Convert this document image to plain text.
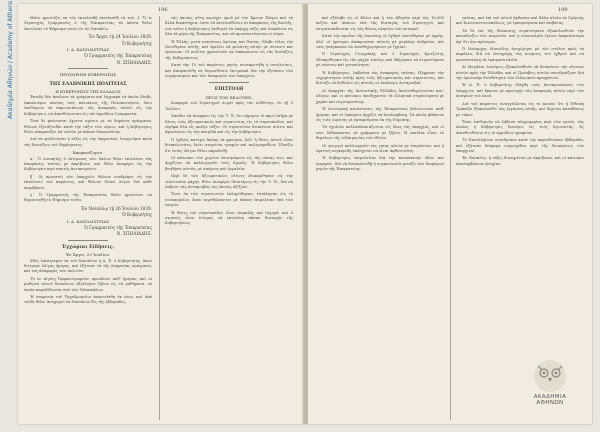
Ακαδημία Αθηνών / Academy of Athens	196

Θέλει φροντίζει να τὸν ἐκτελεσθῇ ἐκτελεσθῆ τὰ τοῦ. 3. Ὅ τε Στρατηγὸς Γραμματεὺς ὁ τῆς Ἐπικρατείας τὰ πάντα θέλει ἐκτελέσει τὸ Ψήφισμα τοῦτο ἐν τῷ Ναυπλίῳ.

Ἐν Ἄργει τῇ 24 Ἰουλίου 1829.
Ὁ Κυβερνήτης
Ι. Α. ΚΑΠΟΔΙΣΤΡΙΑΣ
Ὁ Γραμματεὺς τῆς Ἐπικρατείας
Ν. ΣΠΗΛΙΑΔΗΣ.
ΠΡΟΣΩΡΙΝΗ ΚΥΒΕΡΝΗΣΙΣ
ΤΗΣ ΕΛΛΗΝΙΚΗΣ ΠΟΛΙΤΕΙΑΣ
Η ΚΥΒΕΡΝΗΣΙΣ ΤΗΣ ΕΛΛΑΔΟΣ

Ἐπειδὴ δὲν ἀπέλυσε τὰ γράμματα καὶ ἔγγραφα τὰ ὁποῖα ἔλαβε, ἐκκαλοῦμεν πάντας τοὺς κατοίκους τῆς Πελοποννήσου, ὅσοι ἐπεθύμουν νὰ παρουσιάσωσι τὰς ἀναφορὰς αὐτῶν εἰς τὴν Κυβέρνησιν, νὰ ἀπευθύνωνται εἰς τὸν ἁρμόδιον Γραμματέα.

Ὅσα δὲ φαίνονται ἔχοντα σχέσιν μὲ τὰ δημόσια πράγματα, θέλουν ἐξετάζεσθαι κατὰ τὴν τάξιν τῶν νόμων, καὶ ἡ Κυβέρνησις θέλει ἀποφασίζει ἐπ' αὐτῶν μὲ πᾶσαν δικαιοσύνην.

Διὰ νὰ φυλάττηται ἡ τάξις εἰς τὴν ὑπηρεσίαν, ἐνεργοῦμεν κατὰ τὰς διατάξεις τοῦ Ψηφίσματος.

Ἀποφασίζομεν.

α΄. Ὁ Διοικητὴς ὁ ἐπίτροπος τῶν ὅπλων θέλει ἐκτελέσει τὰς ἀποφάσεις ταύτας μὲ ἀκρίβειαν, καὶ θέλει ἀναφέρει εἰς τὴν Κυβέρνησιν περὶ παντὸς ἀντικειμένου.

β΄. Οἱ προεστοὶ τῶν ἐπαρχιῶν θέλουν συνδράμει εἰς τὴν ἐκτέλεσιν τοῦ παρόντος, καὶ θέλουν δώσει λόγον διὰ κάθε παράβασιν.

γ΄. Ὁ Γραμματεὺς τῆς Ἐπικρατείας θέλει φροντίσει νὰ δημοσιευθῇ τὸ Ψήφισμα τοῦτο.

Ἐν Ναυπλίῳ τῇ 26 Ἰουλίου 1829.
Ὁ Κυβερνήτης
Ι. Α. ΚΑΠΟΔΙΣΤΡΙΑΣ
Ὁ Γραμματεὺς τῆς Ἐπικρατείας
Ν. ΣΠΗΛΙΑΔΗΣ.
Ἐγχώριαι Εἰδήσεις.
Ἐν Ἄργει, 29 Ἰουλίου.

Χθὲς ἐπέστρεψεν ἐκ τοῦ Ναυπλίου ἡ Α. Ἐ. ὁ Κυβερνήτης, ὅπου διέτριψε ὀλίγας ἡμέρας, καὶ ἐξήτασε τὰ τῆς ὑπηρεσίας πράγματα, καὶ τὰς ἀναφορὰς τῶν πολιτῶν.

Τὸ ἐν Αἰγίνῃ Ὀρφανοτροφεῖον προοδεύει καθ' ἡμέραν, καὶ οἱ μαθηταὶ αὐτοῦ δεικνύουν ἀξιόλογον ζῆλον εἰς τὰ μαθήματα, τὰ ὁποῖα παραδίδονται ὑπὸ τῶν διδασκάλων.

Ἡ ὑπηρεσία τοῦ Ταχυδρομείου ἐκανονίσθη ἐκ νέου, καὶ ἀπὸ τοῦδε θέλει ἀναχωρεῖ ἐκ Ναυπλίου δὶς τῆς ἑβδομάδος.

τὰς ὁποίας αὕτη περιέχει ὁμοῦ μὲ τὸν Ἄρειον Πάγον καὶ τὰ ἄλλα δικαστήρια, ὥστε νὰ ἐκτελεσθῶσιν αἱ ἀποφάσεις τῆς Βουλῆς. Διὰ τοῦτο ἡ Κυβέρνησις ἐπιθυμεῖ νὰ ὑπάρχῃ τάξις καὶ ἀσφάλεια εἰς ὅλα τὰ μέρη τῆς Ἐπικρατείας, καὶ νὰ προστατεύωνται οἱ νόμοι.

Ἡ Ἑλλὰς, μετὰ τοσούτους ἀγῶνας καὶ θυσίας, ἔλαβε τέλος τὴν ἐλευθερίαν αὐτῆς, καὶ ὀφείλει νὰ φυλάττῃ αὐτὴν μὲ σύνεσιν καὶ ὁμόνοιαν. Οἱ πολῖται χρεωστοῦν νὰ ὑπακούωσιν εἰς τὰς διατάξεις τῆς Κυβερνήσεως.

Κατὰ τὴν 15 τοῦ παρόντος μηνὸς συνεκροτήθη ἡ συνέλευσις, καὶ ἀπεφασίσθη νὰ διορισθῶσιν ἐπιτροπαὶ διὰ τὴν ἐξέτασιν τῶν λογαριασμῶν καὶ τῶν ἀναφορῶν τῶν ἐπαρχιῶν.

ΕΠΙΣΤΟΛΗ
ΠΡΟΣ ΤΟΝ ΕΚΔΟΤΗΝ.

Ἀναφορὰ τοῦ Στρατηγοῦ Δωρεῖ πρὸς τὸν Αὐθέντην, ἐν τῇ 5 Ἰουλίου.

Σπεύδω νὰ ἀναφέρω εἰς τὴν Ὑ. Ἐ. ὅτι σήμερον τὸ πρωΐ ἐπῆγα μὲ ὅλους τοὺς ἀξιωματικοὺς καὶ στρατιώτας εἰς τὸ στρατόπεδον, καὶ εὑρῆκα ὅλα εἰς καλὴν τάξιν. Οἱ στρατιῶται δεικνύουν πίστιν καὶ ἀφοσίωσιν εἰς τὴν πατρίδα καὶ εἰς τὴν Κυβέρνησιν.

Ὁ ἐχθρὸς κατέχει ἀκόμη τὰ φρούρια, ἀλλ' ἡ θέσις αὐτοῦ εἶναι δυσκολωτάτη, διότι στερεῖται τροφῶν καὶ πολεμοφοδίων. Ἐλπίζω ὅτι ἐντὸς ὀλίγου θέλει παραδοθῇ.

Οἱ κάτοικοι τῶν χωρίων ἐπιστρέφουν εἰς τὰς οἰκίας των, καὶ ἀρχίζουν νὰ καλλιεργοῦν τοὺς ἀγρούς. Ἡ Κυβέρνησις θέλει βοηθήσει αὐτοὺς μὲ σπόρους καὶ ἐργαλεῖα.

Περὶ δὲ τῶν ἀξιωματικῶν, οἵτινες ἐδιακρίθησαν εἰς τὴν τελευταίαν μάχην, θέλω ἀναφέρει ἰδιαιτέρως εἰς τὴν Ὑ. Ἐ., διὰ νὰ λάβωσι τὰς ἀνταμοιβὰς τὰς ὁποίας ἀξίζουν.

Ὅσοι ἐκ τῶν στρατιωτῶν ἐπληγώθησαν, ἐστάλησαν εἰς τὸ νοσοκομεῖον, ὅπου περιθάλπονται μὲ πᾶσαν ἐπιμέλειαν ὑπὸ τῶν ἰατρῶν.

Ἡ θέσις τοῦ στρατοπέδου εἶναι ἀσφαλὴς καὶ ἰσχυρά, καὶ ὁ στρατὸς εἶναι ἕτοιμος νὰ ἐκτελέσῃ πᾶσαν διαταγὴν τῆς Κυβερνήσεως.

199

καὶ ἐξέλαβε ὡς οἱ ἄλλοι καὶ ἡ τῶν Ἀθηνῶν περὶ τὰς 10,000 πεζῶν καὶ ἱππέων, ὑπὸ τὰς διαταγὰς τοῦ Στρατηγοῦ, καὶ ἐστρατοπέδευσαν εἰς τὰς θέσεις πλησίον τοῦ ποταμοῦ.

Κατὰ τὴν πρωΐαν τῆς ἐπιούσης οἱ ἐχθροὶ ἐπετέθησαν μὲ ὁρμήν, ἀλλ' οἱ ἡμέτεροι ἀπέκρουσαν αὐτοὺς μὲ μεγάλην ἀνδρείαν, καὶ τοὺς ἠνάγκασαν νὰ ὀπισθοχωρήσωσι μὲ ζημίαν.

Ὁ Στρατηγὸς Γεωργάκης καὶ ὁ Στρατηγὸς Κριεζώτης ἐδιακρίθησαν εἰς τὴν μάχην ταύτην, καὶ ὁδήγησαν τὰ στρατεύματα μὲ σύνεσιν καὶ γενναιότητα.

Ἡ Κυβέρνησις, λαβοῦσα τὰς ἀναφορὰς ταύτας, ἐξέφρασε τὴν εὐχαρίστησιν αὐτῆς πρὸς τοὺς ἀξιωματικοὺς καὶ στρατιώτας, καὶ διέταξε νὰ δοθῶσιν εἰς αὐτοὺς αἱ ἀνάλογοι ἀνταμοιβαί.

Αἱ ἐπαρχίαι τῆς Ἀνατολικῆς Ἑλλάδος ἀπελευθερώνονται κατ' ὀλίγον, καὶ οἱ κάτοικοι ὑποδέχονται τὰ ἑλληνικὰ στρατεύματα μὲ χαρὰν καὶ εὐγνωμοσύνην.

Ἡ ἐσωτερικὴ κατάστασις τῆς Ἐπικρατείας βελτιώνεται καθ' ἡμέραν, καὶ τὸ ἐμπόριον ἀρχίζει νὰ ἀναλαμβάνῃ. Τὰ πλοῖα φθάνουν εἰς τοὺς λιμένας μὲ ἐμπορεύματα ἐκ τῆς Εὐρώπης.

Τὰ σχολεῖα πολλαπλασιάζονται εἰς ὅλας τὰς ἐπαρχίας, καὶ οἱ νέοι διδάσκονται τὰ γράμματα μὲ ζῆλον. Ἡ παιδεία εἶναι τὸ θεμέλιον τῆς εὐδαιμονίας τῶν ἐθνῶν.

Οἱ γεωργοὶ καλλιεργοῦν τὰς γαίας αὐτῶν μὲ ἐπιμέλειαν, καὶ ἡ ἐφετινὴ συγκομιδὴ ὑπόσχεται νὰ εἶναι ἀφθονωτάτη.

Ἡ Κυβέρνησις ἐπιμελεῖται διὰ τὴν κατασκευὴν ὁδῶν καὶ γεφυρῶν, διὰ νὰ διευκολυνθῇ ἡ συγκοινωνία μεταξὺ τῶν διαφόρων μερῶν τῆς Ἐπικρατείας.

ταύτας, καὶ ἐπὶ τοῦ αὐτοῦ ἔφθασαν καὶ ἄλλα πλοῖα ἐκ Σμύρνης καὶ Κωνσταντινουπόλεως, μὲ ἐμπορεύματα καὶ ἐπιβάτας.

Τὰ δὲ ἐπὶ τῆς θαλάσσης στρατεύματα ἐξακολουθοῦν τὴν καταδίωξιν τῶν πειρατῶν, καὶ ἡ ναυσιπλοΐα ἔγινεν ἀσφαλεστέρα ἀφ' ὅτι ἦτο πρότερον.

Ὁ Ναύαρχος Μιαούλης ἀνεχώρησε μὲ τὸν στόλον πρὸς τὰ παράλια, διὰ νὰ ἐπιτηρήσῃ τὰς κινήσεις τοῦ ἐχθροῦ καὶ νὰ προστατεύσῃ τὰ ἐμπορικὰ πλοῖα.

Αἱ Μεγάλαι Δυνάμεις ἐξακολουθοῦν νὰ δεικνύωσι τὴν εὔνοιαν αὐτῶν πρὸς τὴν Ἑλλάδα, καὶ οἱ Πρέσβεις αὐτῶν συνεδριάζουν διὰ τὴν ὁριστικὴν διευθέτησιν τῶν ἑλληνικῶν πραγμάτων.

Ἡ Α. Ἐ. ὁ Κυβερνήτης ἐδέχθη τοὺς ἀντιπροσώπους τῶν ἐπαρχιῶν, καὶ ἤκουσε μὲ προσοχὴν τὰς ἀναφορὰς αὐτῶν περὶ τῶν ἀναγκῶν τοῦ λαοῦ.

Διὰ τοῦ παρόντος ἀναγγέλλεται εἰς τὸ κοινὸν ὅτι ἡ Ἐθνικὴ Τράπεζα ἐξακολουθεῖ τὰς ἐργασίας αὐτῆς, καὶ δέχεται καταθέσεις μὲ τόκον.

Ὅσοι ἐπιθυμοῦν νὰ λάβωσι πληροφορίας περὶ τῶν γαιῶν, τὰς ὁποίας ἡ Κυβέρνησις διανέμει εἰς τοὺς ἀγωνιστάς, ἂς ἀπευθυνθῶσιν εἰς τὸ ἁρμόδιον γραφεῖον.

Τὸ Πανελλήνιον συνεδρίασε κατὰ τὴν παρελθοῦσαν ἑβδομάδα, καὶ ἐξήτασε διάφορα νομοσχέδια περὶ τῆς διοικήσεως τῶν ἐπαρχιῶν.

Ἐν Ναυπλίῳ, ἡ τάξις διατηρεῖται μὲ ἀκρίβειαν, καὶ οἱ κάτοικοι ἀπολαμβάνουν ἡσυχίαν.

ΑΚΑΔΗΜΙΑ
ΑΘΗΝΩΝ
